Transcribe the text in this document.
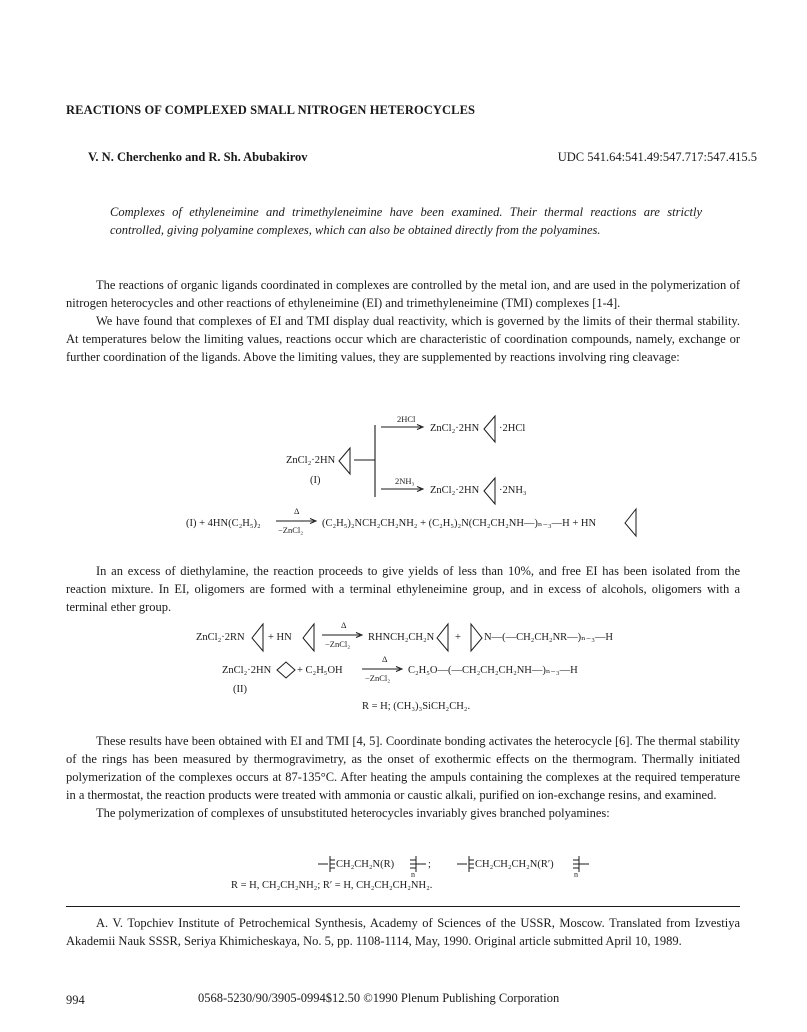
REACTIONS OF COMPLEXED SMALL NITROGEN HETEROCYCLES
V. N. Cherchenko and R. Sh. Abubakirov	UDC 541.64:541.49:547.717:547.415.5
Complexes of ethyleneimine and trimethyleneimine have been examined. Their thermal reactions are strictly controlled, giving polyamine complexes, which can also be obtained directly from the polyamines.

The reactions of organic ligands coordinated in complexes are controlled by the metal ion, and are used in the polymerization of nitrogen heterocycles and other reactions of ethyleneimine (EI) and trimethyleneimine (TMI) complexes [1-4].

We have found that complexes of EI and TMI display dual reactivity, which is governed by the limits of their thermal stability. At temperatures below the limiting values, reactions occur which are characteristic of coordination compounds, namely, exchange or further coordination of the ligands. Above the limiting values, they are supplemented by reactions involving ring cleavage:

2HCl
ZnCl₂·2HN ·2HCl
ZnCl₂·2HN
(I)	2NH₃
ZnCl₂·2HN ·2NH₃
(I) + 4HN(C₂H₅)₂
Δ
−ZnCl₂
(C₂H₅)₂NCH₂CH₂NH₂ + (C₂H₅)₂N(CH₂CH₂NH—)ₙ₋₃—H + HN
In an excess of diethylamine, the reaction proceeds to give yields of less than 10%, and free EI has been isolated from the reaction mixture. In EI, oligomers are formed with a terminal ethyleneimine group, and in excess of alcohols, oligomers with a terminal ether group.
ZnCl₂·2RN + HN
Δ
−ZnCl₂
RHNCH₂CH₂N + N—(—CH₂CH₂NR—)ₙ₋₃—H
ZnCl₂·2HN + C₂H₅OH
Δ
−ZnCl₂
C₂H₅O—(—CH₂CH₂CH₂NH—)ₙ₋₃—H
(II)
R = H; (CH₃)₃SiCH₂CH₂.

These results have been obtained with EI and TMI [4, 5]. Coordinate bonding activates the heterocycle [6]. The thermal stability of the rings has been measured by thermogravimetry, as the onset of exothermic effects on the thermogram. Thermally initiated polymerization of the complexes occurs at 87-135°C. After heating the ampuls containing the complexes at the required temperature in a thermostat, the reaction products were treated with ammonia or caustic alkali, purified on ion-exchange resins, and examined.

The polymerization of complexes of unsubstituted heterocycles invariably gives branched polyamines:

CH₂CH₂N(R)
n
;	CH₂CH₂CH₂N(R′)
n
R = H, CH₂CH₂NH₂; R′ = H, CH₂CH₂CH₂NH₂.
A. V. Topchiev Institute of Petrochemical Synthesis, Academy of Sciences of the USSR, Moscow. Translated from Izvestiya Akademii Nauk SSSR, Seriya Khimicheskaya, No. 5, pp. 1108-1114, May, 1990. Original article submitted April 10, 1989.
994	0568-5230/90/3905-0994$12.50 ©1990 Plenum Publishing Corporation
